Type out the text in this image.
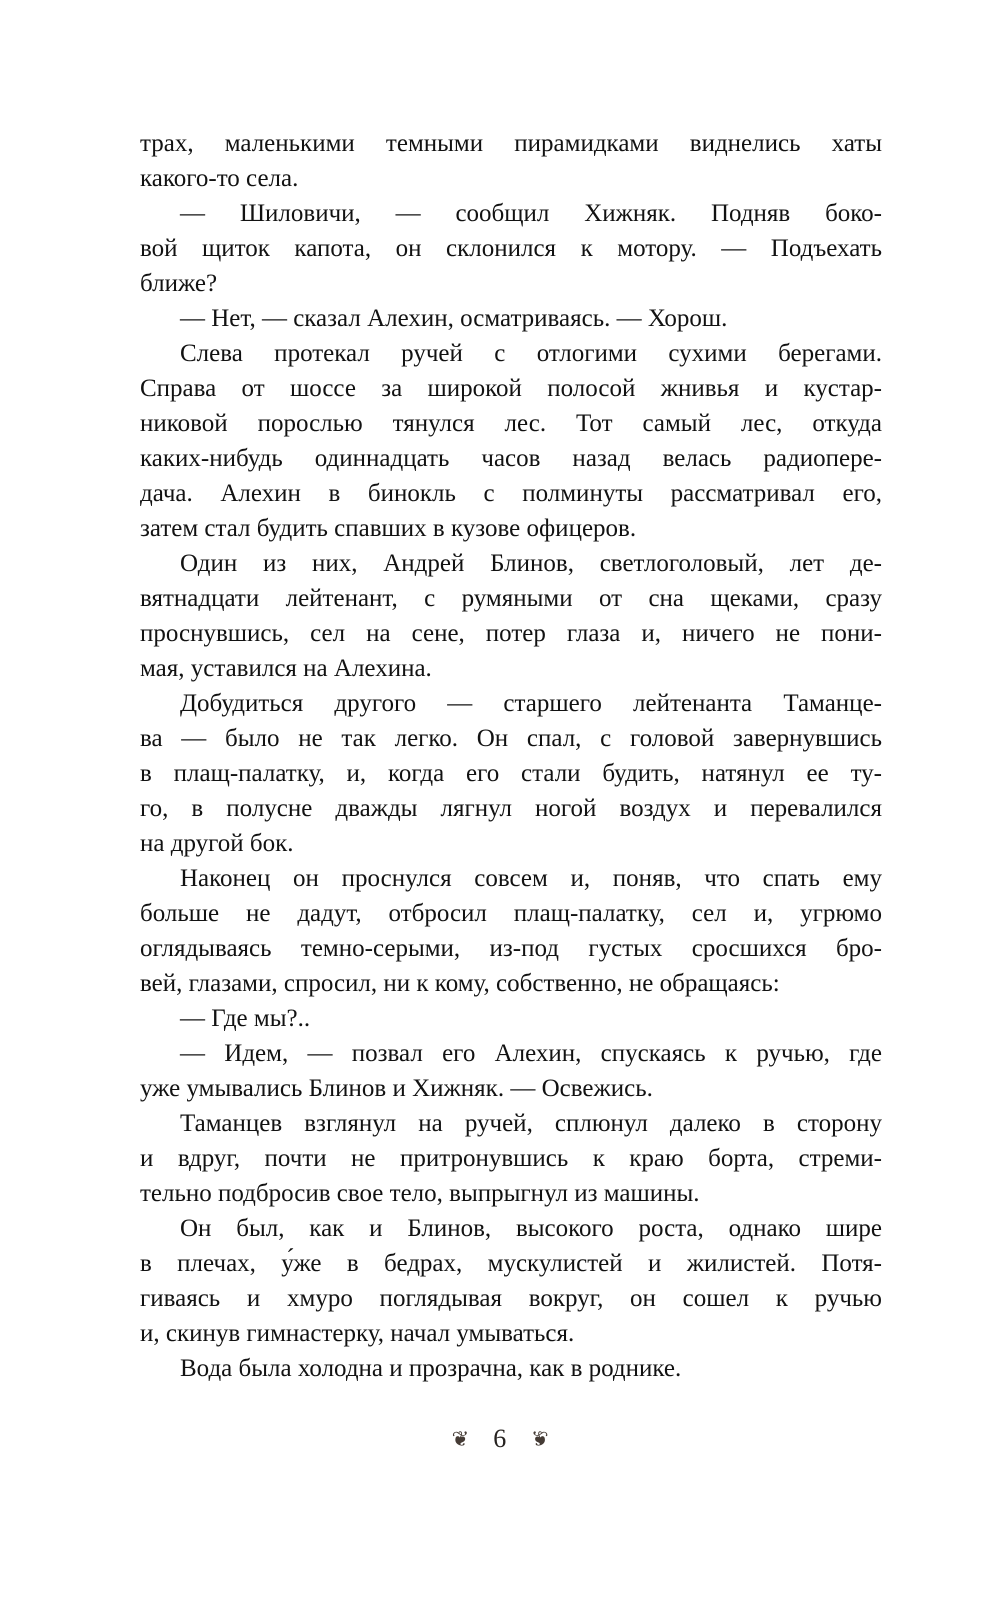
трах, маленькими темными пирамидками виднелись хаты
какого-то села.
— Шиловичи, — сообщил Хижняк. Подняв боко-
вой щиток капота, он склонился к мотору. — Подъехать
ближе?
— Нет, — сказал Алехин, осматриваясь. — Хорош.
Слева протекал ручей с отлогими сухими берегами.
Справа от шоссе за широкой полосой жнивья и кустар-
никовой порослью тянулся лес. Тот самый лес, откуда
каких-нибудь одиннадцать часов назад велась радиопере-
дача. Алехин в бинокль с полминуты рассматривал его,
затем стал будить спавших в кузове офицеров.
Один из них, Андрей Блинов, светлоголовый, лет де-
вятнадцати лейтенант, с румяными от сна щеками, сразу
проснувшись, сел на сене, потер глаза и, ничего не пони-
мая, уставился на Алехина.
Добудиться другого — старшего лейтенанта Таманце-
ва — было не так легко. Он спал, с головой завернувшись
в плащ-палатку, и, когда его стали будить, натянул ее ту-
го, в полусне дважды лягнул ногой воздух и перевалился
на другой бок.
Наконец он проснулся совсем и, поняв, что спать ему
больше не дадут, отбросил плащ-палатку, сел и, угрюмо
оглядываясь темно-серыми, из-под густых сросшихся бро-
вей, глазами, спросил, ни к кому, собственно, не обращаясь:
— Где мы?..
— Идем, — позвал его Алехин, спускаясь к ручью, где
уже умывались Блинов и Хижняк. — Освежись.
Таманцев взглянул на ручей, сплюнул далеко в сторону
и вдруг, почти не притронувшись к краю борта, стреми-
тельно подбросив свое тело, выпрыгнул из машины.
Он был, как и Блинов, высокого роста, однако шире
в плечах, у́же в бедрах, мускулистей и жилистей. Потя-
гиваясь и хмуро поглядывая вокруг, он сошел к ручью
и, скинув гимнастерку, начал умываться.
Вода была холодна и прозрачна, как в роднике.
❦ 6 ❦
